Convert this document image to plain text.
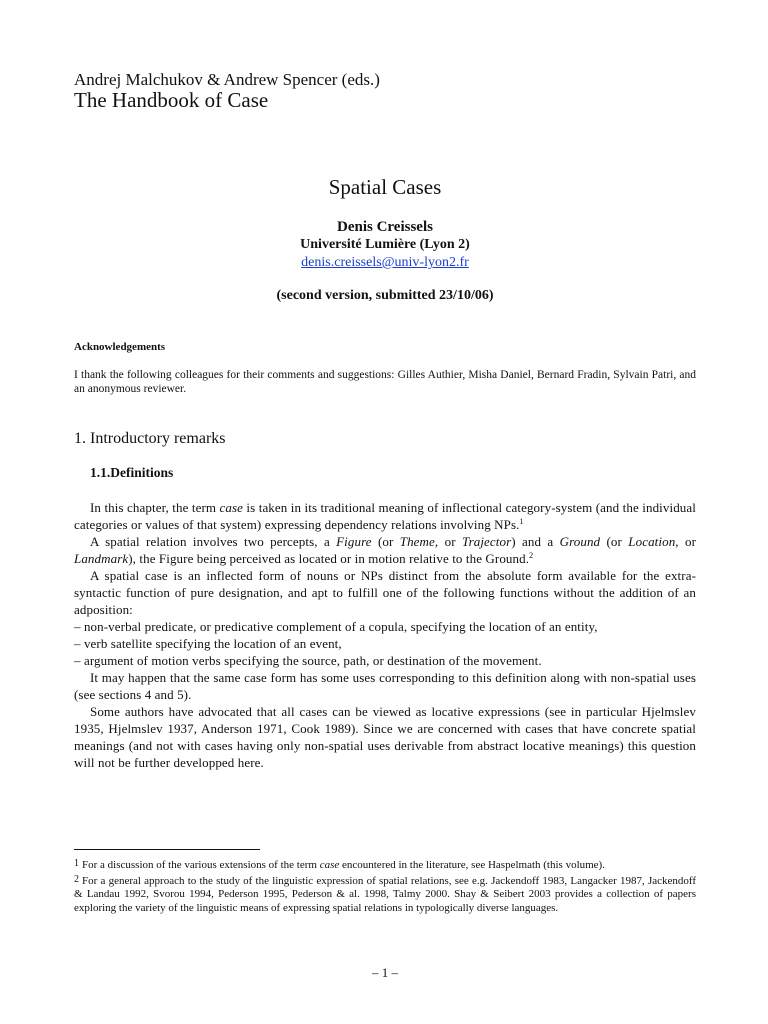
Andrej Malchukov & Andrew Spencer (eds.)
The Handbook of Case
Spatial Cases
Denis Creissels
Université Lumière (Lyon 2)
denis.creissels@univ-lyon2.fr
(second version, submitted 23/10/06)
Acknowledgements
I thank the following colleagues for their comments and suggestions: Gilles Authier, Misha Daniel, Bernard Fradin, Sylvain Patri, and an anonymous reviewer.
1. Introductory remarks
1.1.Definitions

In this chapter, the term case is taken in its traditional meaning of inflectional category-system (and the individual categories or values of that system) expressing dependency relations involving NPs.$^1$

A spatial relation involves two percepts, a Figure (or Theme, or Trajector) and a Ground (or Location, or Landmark), the Figure being perceived as located or in motion relative to the Ground.$^2$

A spatial case is an inflected form of nouns or NPs distinct from the absolute form available for the extra-syntactic function of pure designation, and apt to fulfill one of the following functions without the addition of an adposition:

– non-verbal predicate, or predicative complement of a copula, specifying the location of an entity,

– verb satellite specifying the location of an event,

– argument of motion verbs specifying the source, path, or destination of the movement.

It may happen that the same case form has some uses corresponding to this definition along with non-spatial uses (see sections 4 and 5).

Some authors have advocated that all cases can be viewed as locative expressions (see in particular Hjelmslev 1935, Hjelmslev 1937, Anderson 1971, Cook 1989). Since we are concerned with cases that have concrete spatial meanings (and not with cases having only non-spatial uses derivable from abstract locative meanings) this question will not be further developped here.

1 For a discussion of the various extensions of the term case encountered in the literature, see Haspelmath (this volume).

2 For a general approach to the study of the linguistic expression of spatial relations, see e.g. Jackendoff 1983, Langacker 1987, Jackendoff & Landau 1992, Svorou 1994, Pederson 1995, Pederson & al. 1998, Talmy 2000. Shay & Seibert 2003 provides a collection of papers exploring the variety of the linguistic means of expressing spatial relations in typologically diverse languages.

– 1 –
